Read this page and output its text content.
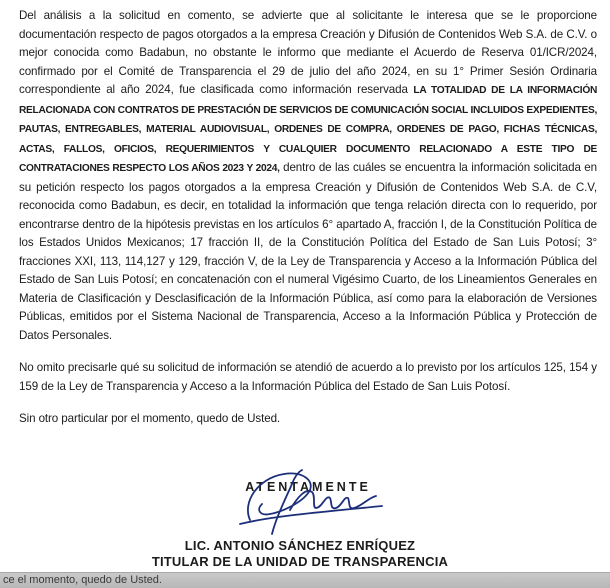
Del análisis a la solicitud en comento, se advierte que al solicitante le interesa que se le proporcione documentación respecto de pagos otorgados a la empresa Creación y Difusión de Contenidos Web S.A. de C.V. o mejor conocida como Badabun, no obstante le informo que mediante el Acuerdo de Reserva 01/ICR/2024, confirmado por el Comité de Transparencia el 29 de julio del año 2024, en su 1° Primer Sesión Ordinaria correspondiente al año 2024, fue clasificada como información reservada LA TOTALIDAD DE LA INFORMACIÓN RELACIONADA CON CONTRATOS DE PRESTACIÓN DE SERVICIOS DE COMUNICACIÓN SOCIAL INCLUIDOS EXPEDIENTES, PAUTAS, ENTREGABLES, MATERIAL AUDIOVISUAL, ORDENES DE COMPRA, ORDENES DE PAGO, FICHAS TÉCNICAS, ACTAS, FALLOS, OFICIOS, REQUERIMIENTOS Y CUALQUIER DOCUMENTO RELACIONADO A ESTE TIPO DE CONTRATACIONES RESPECTO LOS AÑOS 2023 Y 2024, dentro de las cuáles se encuentra la información solicitada en su petición respecto los pagos otorgados a la empresa Creación y Difusión de Contenidos Web S.A. de C.V, reconocida como Badabun, es decir, en totalidad la información que tenga relación directa con lo requerido, por encontrarse dentro de la hipótesis previstas en los artículos 6° apartado A, fracción I, de la Constitución Política de los Estados Unidos Mexicanos; 17 fracción II, de la Constitución Política del Estado de San Luis Potosí; 3° fracciones XXI, 113, 114,127 y 129, fracción V, de la Ley de Transparencia y Acceso a la Información Pública del Estado de San Luis Potosí; en concatenación con el numeral Vigésimo Cuarto, de los Lineamientos Generales en Materia de Clasificación y Desclasificación de la Información Pública, así como para la elaboración de Versiones Públicas, emitidos por el Sistema Nacional de Transparencia, Acceso a la Información Pública y Protección de Datos Personales.

No omito precisarle qué su solicitud de información se atendió de acuerdo a lo previsto por los artículos 125, 154 y 159 de la Ley de Transparencia y Acceso a la Información Pública del Estado de San Luis Potosí.

Sin otro particular por el momento, quedo de Usted.

ATENTAMENTE
LIC. ANTONIO SÁNCHEZ ENRÍQUEZ
TITULAR DE LA UNIDAD DE TRANSPARENCIA
ce el momento, quedo de Usted.
